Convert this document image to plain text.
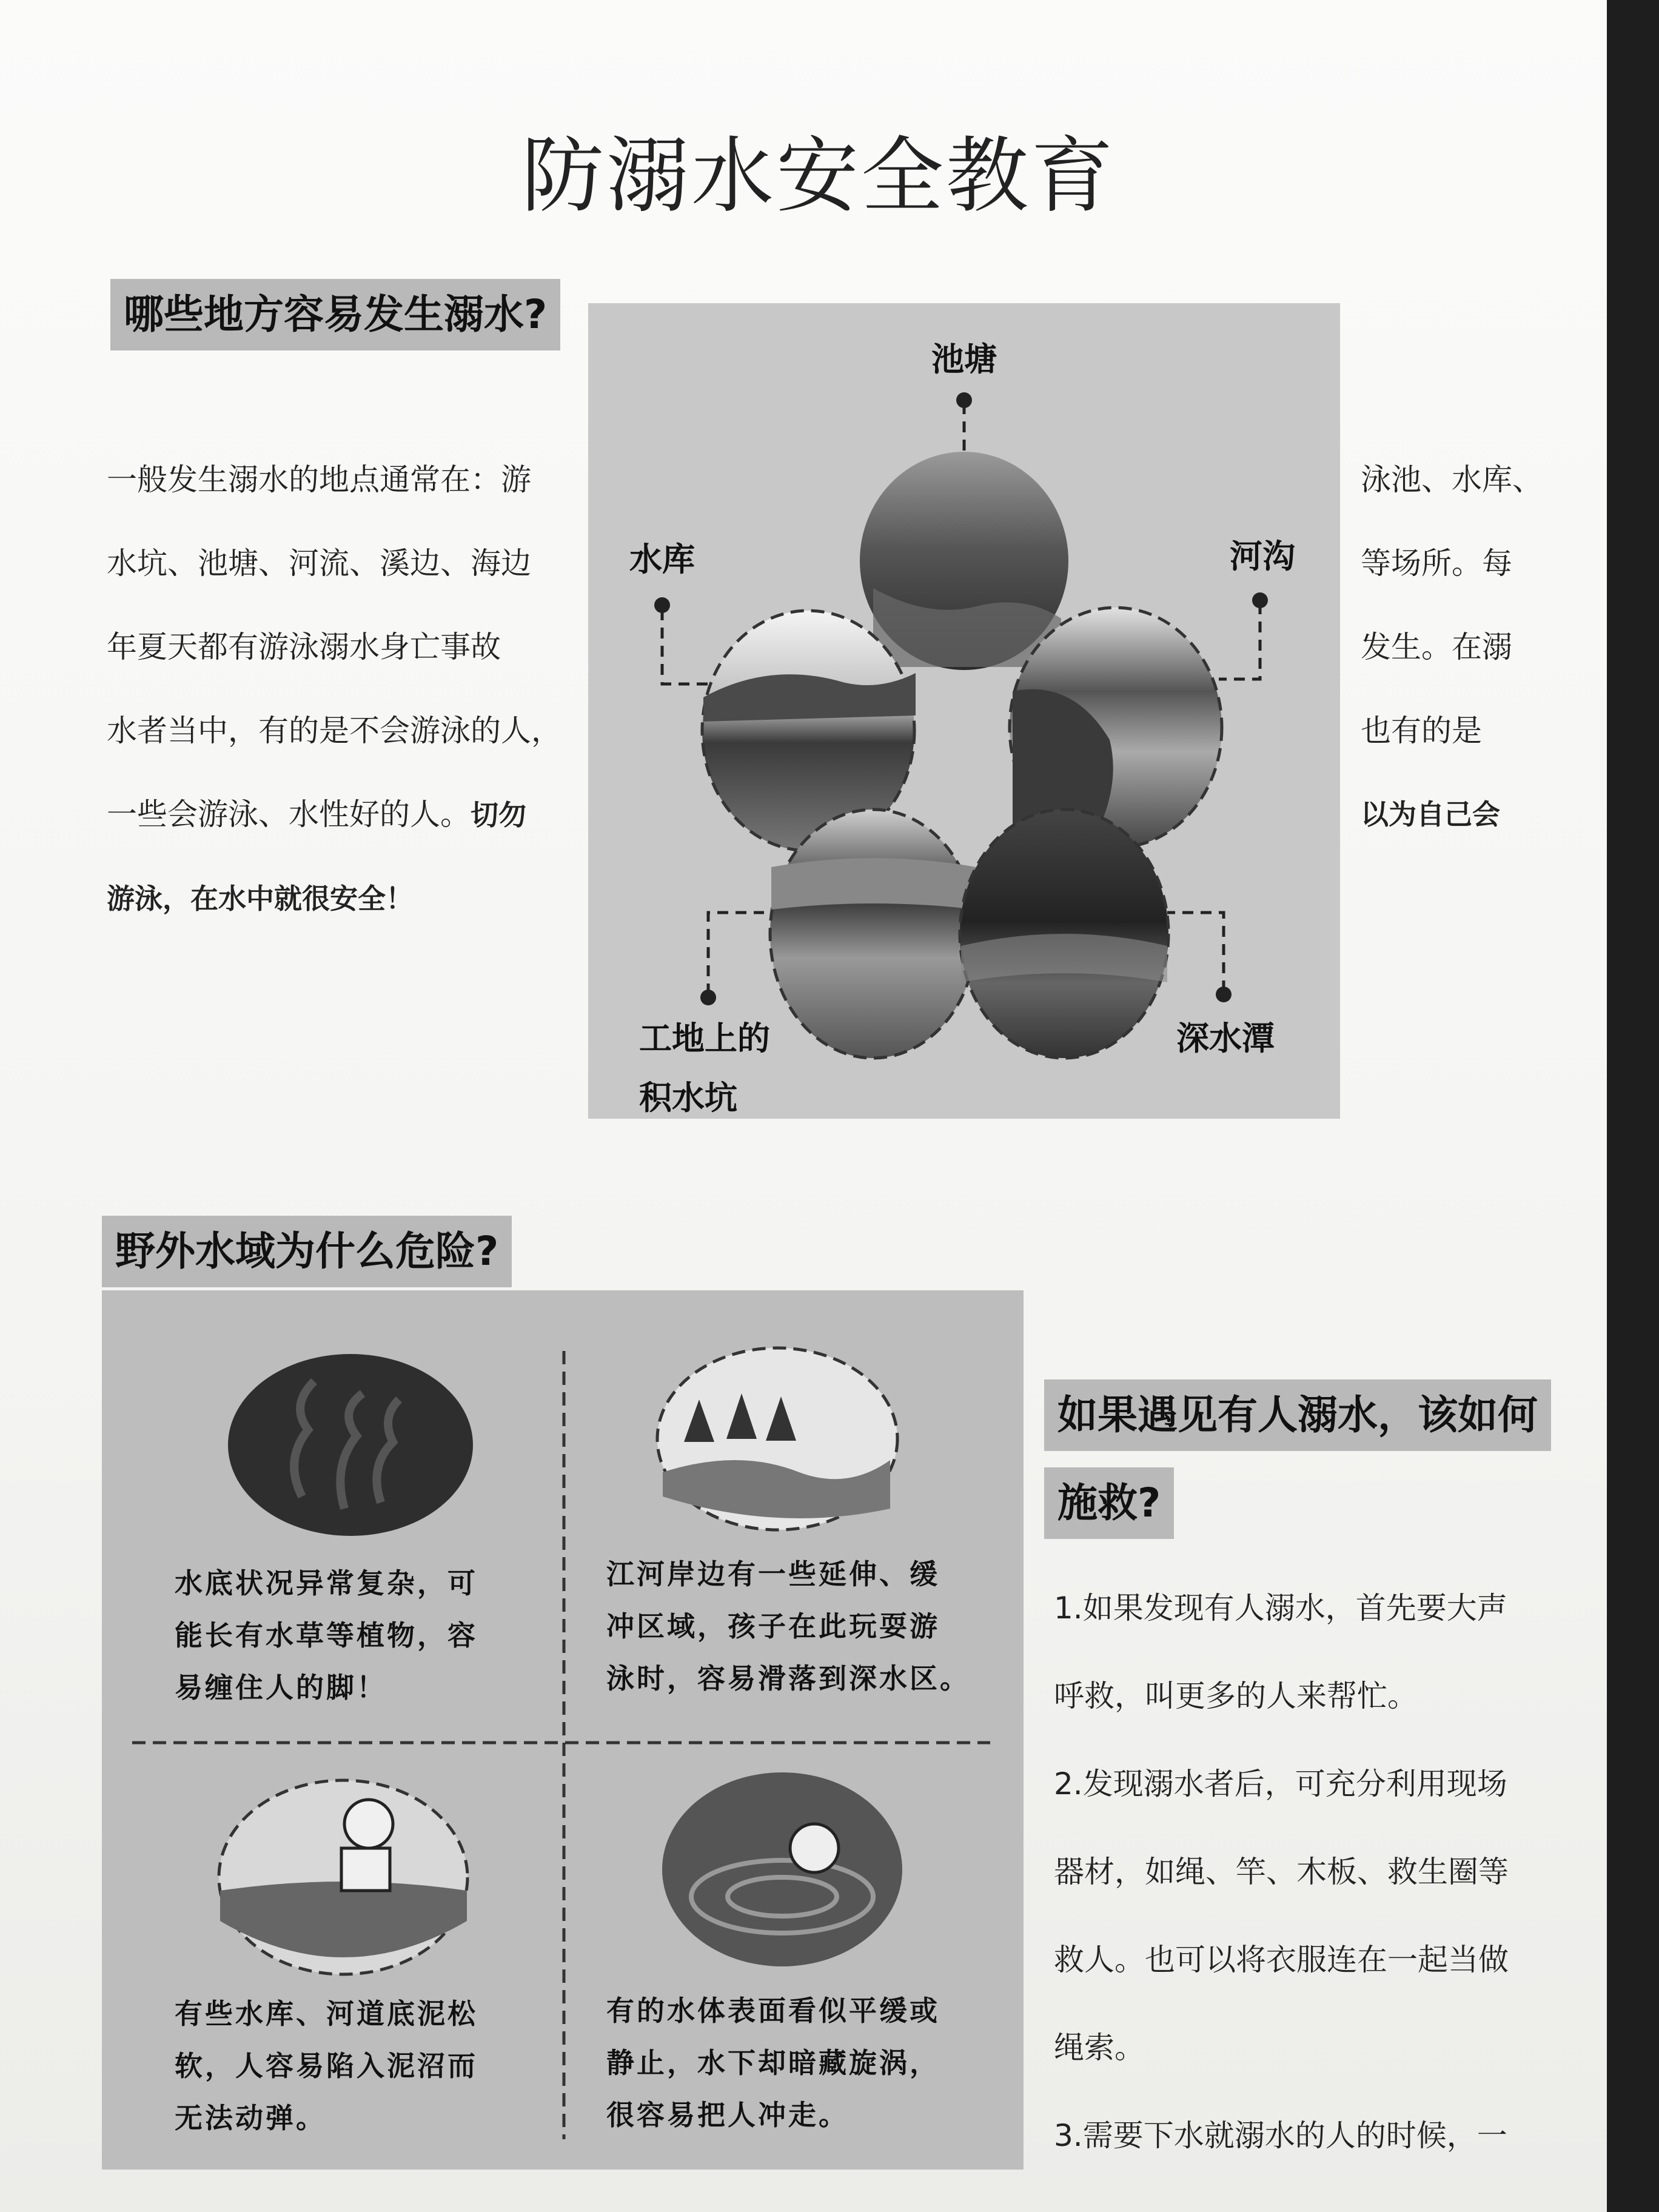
防溺水安全教育
哪些地方容易发生溺水?
一般发生溺水的地点通常在：游
水坑、池塘、河流、溪边、海边
年夏天都有游泳溺水身亡事故
水者当中，有的是不会游泳的人，
一些会游泳、水性好的人。切勿
游泳，在水中就很安全！
泳池、水库、
等场所。每
发生。在溺
也有的是
以为自己会
池塘
水库	河沟
工地上的
积水坑
深水潭
野外水域为什么危险?
水底状况异常复杂，可
能长有水草等植物，容
易缠住人的脚！
江河岸边有一些延伸、缓
冲区域，孩子在此玩耍游
泳时，容易滑落到深水区。
有些水库、河道底泥松
软，人容易陷入泥沼而
无法动弹。
有的水体表面看似平缓或
静止，水下却暗藏旋涡，
很容易把人冲走。
如果遇见有人溺水，该如何
施救?
1.如果发现有人溺水，首先要大声
呼救，叫更多的人来帮忙。
2.发现溺水者后，可充分利用现场
器材，如绳、竿、木板、救生圈等
救人。也可以将衣服连在一起当做
绳索。
3.需要下水就溺水的人的时候，一
